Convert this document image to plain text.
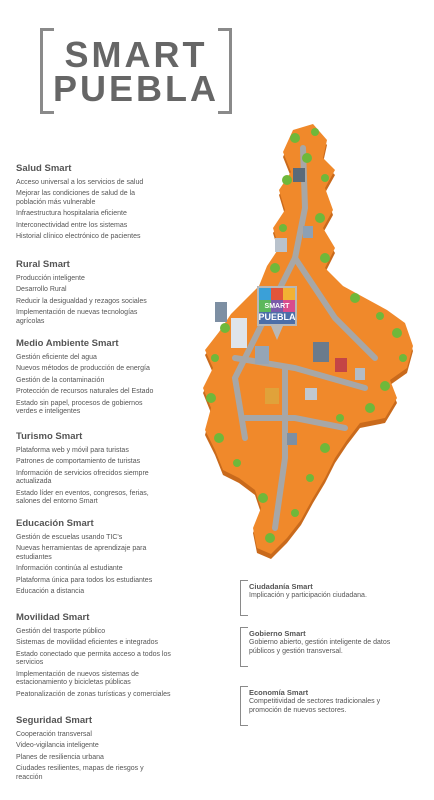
SMART
PUEBLA
SMART
PUEBLA
Salud Smart
Acceso universal a los servicios de salud
Mejorar las condiciones de salud de la población más vulnerable
Infraestructura hospitalaria eficiente
Interconectividad entre los sistemas
Historial clínico electrónico de pacientes
Rural Smart
Producción inteligente
Desarrollo Rural
Reducir la desigualdad y rezagos sociales
Implementación de nuevas tecnologías agrícolas
Medio Ambiente Smart
Gestión eficiente del agua
Nuevos métodos de producción de energía
Gestión de la contaminación
Protección de recursos naturales del Estado
Estado sin papel, procesos de gobiernos verdes e inteligentes
Turismo Smart
Plataforma web y móvil para turistas
Patrones de comportamiento de turistas
Información de servicios ofrecidos siempre actualizada
Estado líder en eventos, congresos, ferias, salones del entorno Smart
Educación Smart
Gestión de escuelas usando TIC's
Nuevas herramientas de aprendizaje para estudiantes
Información continúa al estudiante
Plataforma única para todos los estudiantes
Educación a distancia
Movilidad Smart
Gestión del trasporte público
Sistemas de movilidad eficientes e integrados
Estado conectado que permita acceso a todos los servicios
Implementación de nuevos sistemas de estacionamiento y bicicletas públicas
Peatonalización de zonas turísticas y comerciales
Seguridad Smart
Cooperación transversal
Video-vigilancia inteligente
Planes de resiliencia urbana
Ciudades resilientes, mapas de riesgos y reacción
Ciudadanía Smart
Implicación y participación ciudadana.
Gobierno Smart
Gobierno abierto, gestión inteligente de datos públicos y gestión transversal.
Economía Smart
Competitividad de sectores tradicionales y promoción de nuevos sectores.
